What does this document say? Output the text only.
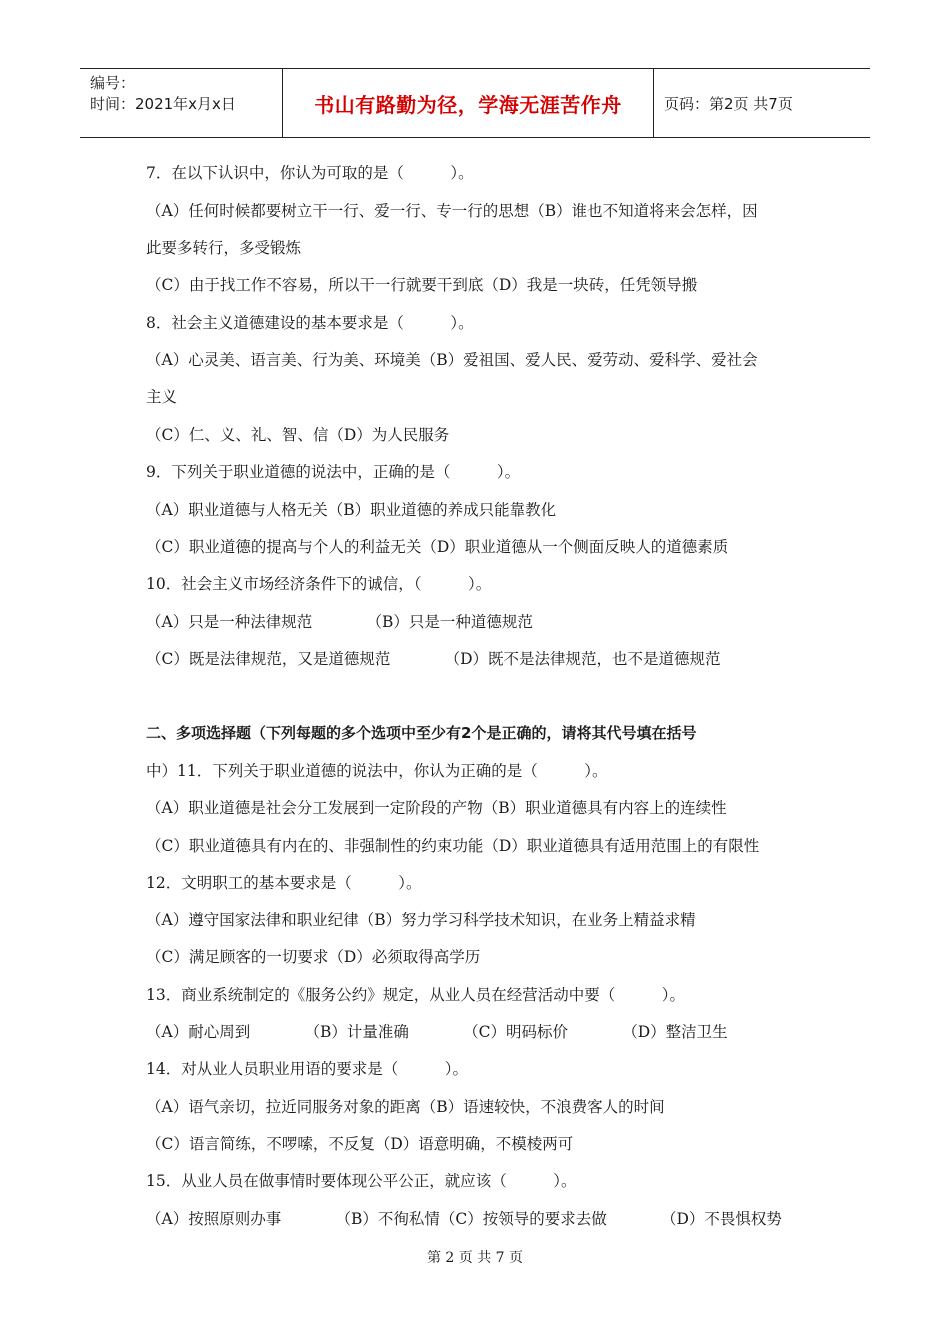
编号：
时间：2021年x月x日	书山有路勤为径，学海无涯苦作舟	页码：第2页 共7页
7．在以下认识中，你认为可取的是（　　　）。
（A）任何时候都要树立干一行、爱一行、专一行的思想（B）谁也不知道将来会怎样，因
此要多转行，多受锻炼
（C）由于找工作不容易，所以干一行就要干到底（D）我是一块砖，任凭领导搬
8．社会主义道德建设的基本要求是（　　　）。
（A）心灵美、语言美、行为美、环境美（B）爱祖国、爱人民、爱劳动、爱科学、爱社会
主义
（C）仁、义、礼、智、信（D）为人民服务
9．下列关于职业道德的说法中，正确的是（　　　）。
（A）职业道德与人格无关（B）职业道德的养成只能靠教化
（C）职业道德的提高与个人的利益无关（D）职业道德从一个侧面反映人的道德素质
10．社会主义市场经济条件下的诚信，（　　　）。
（A）只是一种法律规范　　　　（B）只是一种道德规范
（C）既是法律规范，又是道德规范　　　　（D）既不是法律规范，也不是道德规范
二、多项选择题（下列每题的多个选项中至少有2个是正确的，请将其代号填在括号
中）11．下列关于职业道德的说法中，你认为正确的是（　　　）。
（A）职业道德是社会分工发展到一定阶段的产物（B）职业道德具有内容上的连续性
（C）职业道德具有内在的、非强制性的约束功能（D）职业道德具有适用范围上的有限性
12．文明职工的基本要求是（　　　）。
（A）遵守国家法律和职业纪律（B）努力学习科学技术知识，在业务上精益求精
（C）满足顾客的一切要求（D）必须取得高学历
13．商业系统制定的《服务公约》规定，从业人员在经营活动中要（　　　）。
（A）耐心周到　　　　（B）计量准确　　　　（C）明码标价　　　　（D）整洁卫生
14．对从业人员职业用语的要求是（　　　）。
（A）语气亲切，拉近同服务对象的距离（B）语速较快，不浪费客人的时间
（C）语言简练，不啰嗦，不反复（D）语意明确，不模棱两可
15．从业人员在做事情时要体现公平公正，就应该（　　　）。
（A）按照原则办事　　　　（B）不徇私情（C）按领导的要求去做　　　　（D）不畏惧权势
第 2 页 共 7 页
